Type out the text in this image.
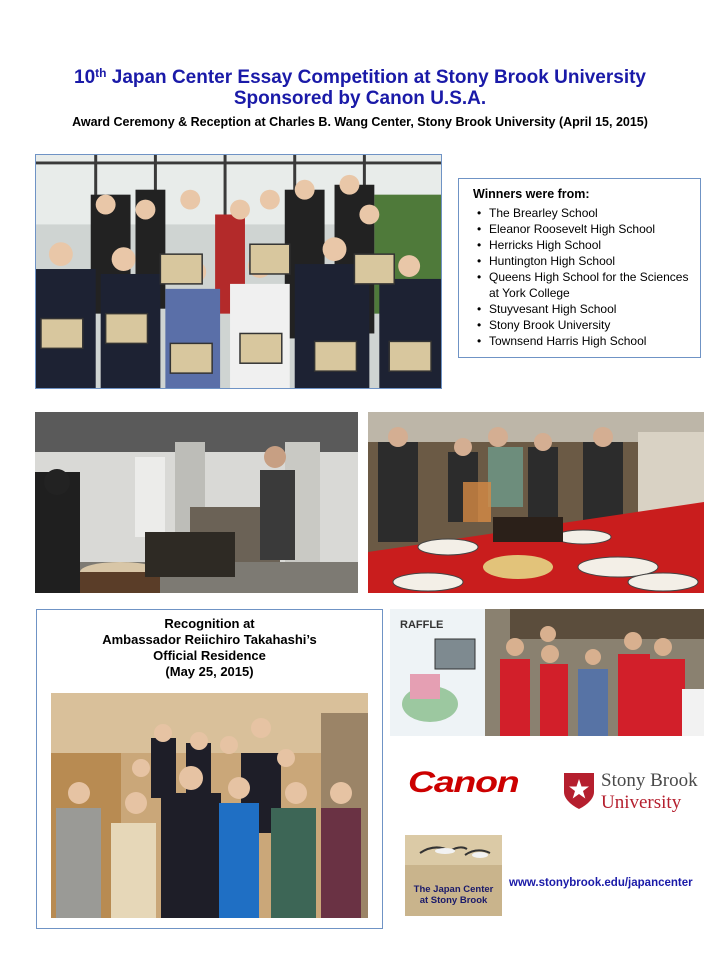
10th Japan Center Essay Competition at Stony Brook University
Sponsored by Canon U.S.A.
Award Ceremony & Reception at Charles B. Wang Center, Stony Brook University (April 15, 2015)
Winners were from:
• The Brearley School
• Eleanor Roosevelt High School
• Herricks High School
• Huntington High School
• Queens High School for the Sciences at York College
• Stuyvesant High School
• Stony Brook University
• Townsend Harris High School
Recognition at
Ambassador Reiichiro Takahashi’s
Official Residence
(May 25, 2015)
RAFFLE
Canon	Stony Brook
University
The Japan Center
at Stony Brook
www.stonybrook.edu/japancenter
